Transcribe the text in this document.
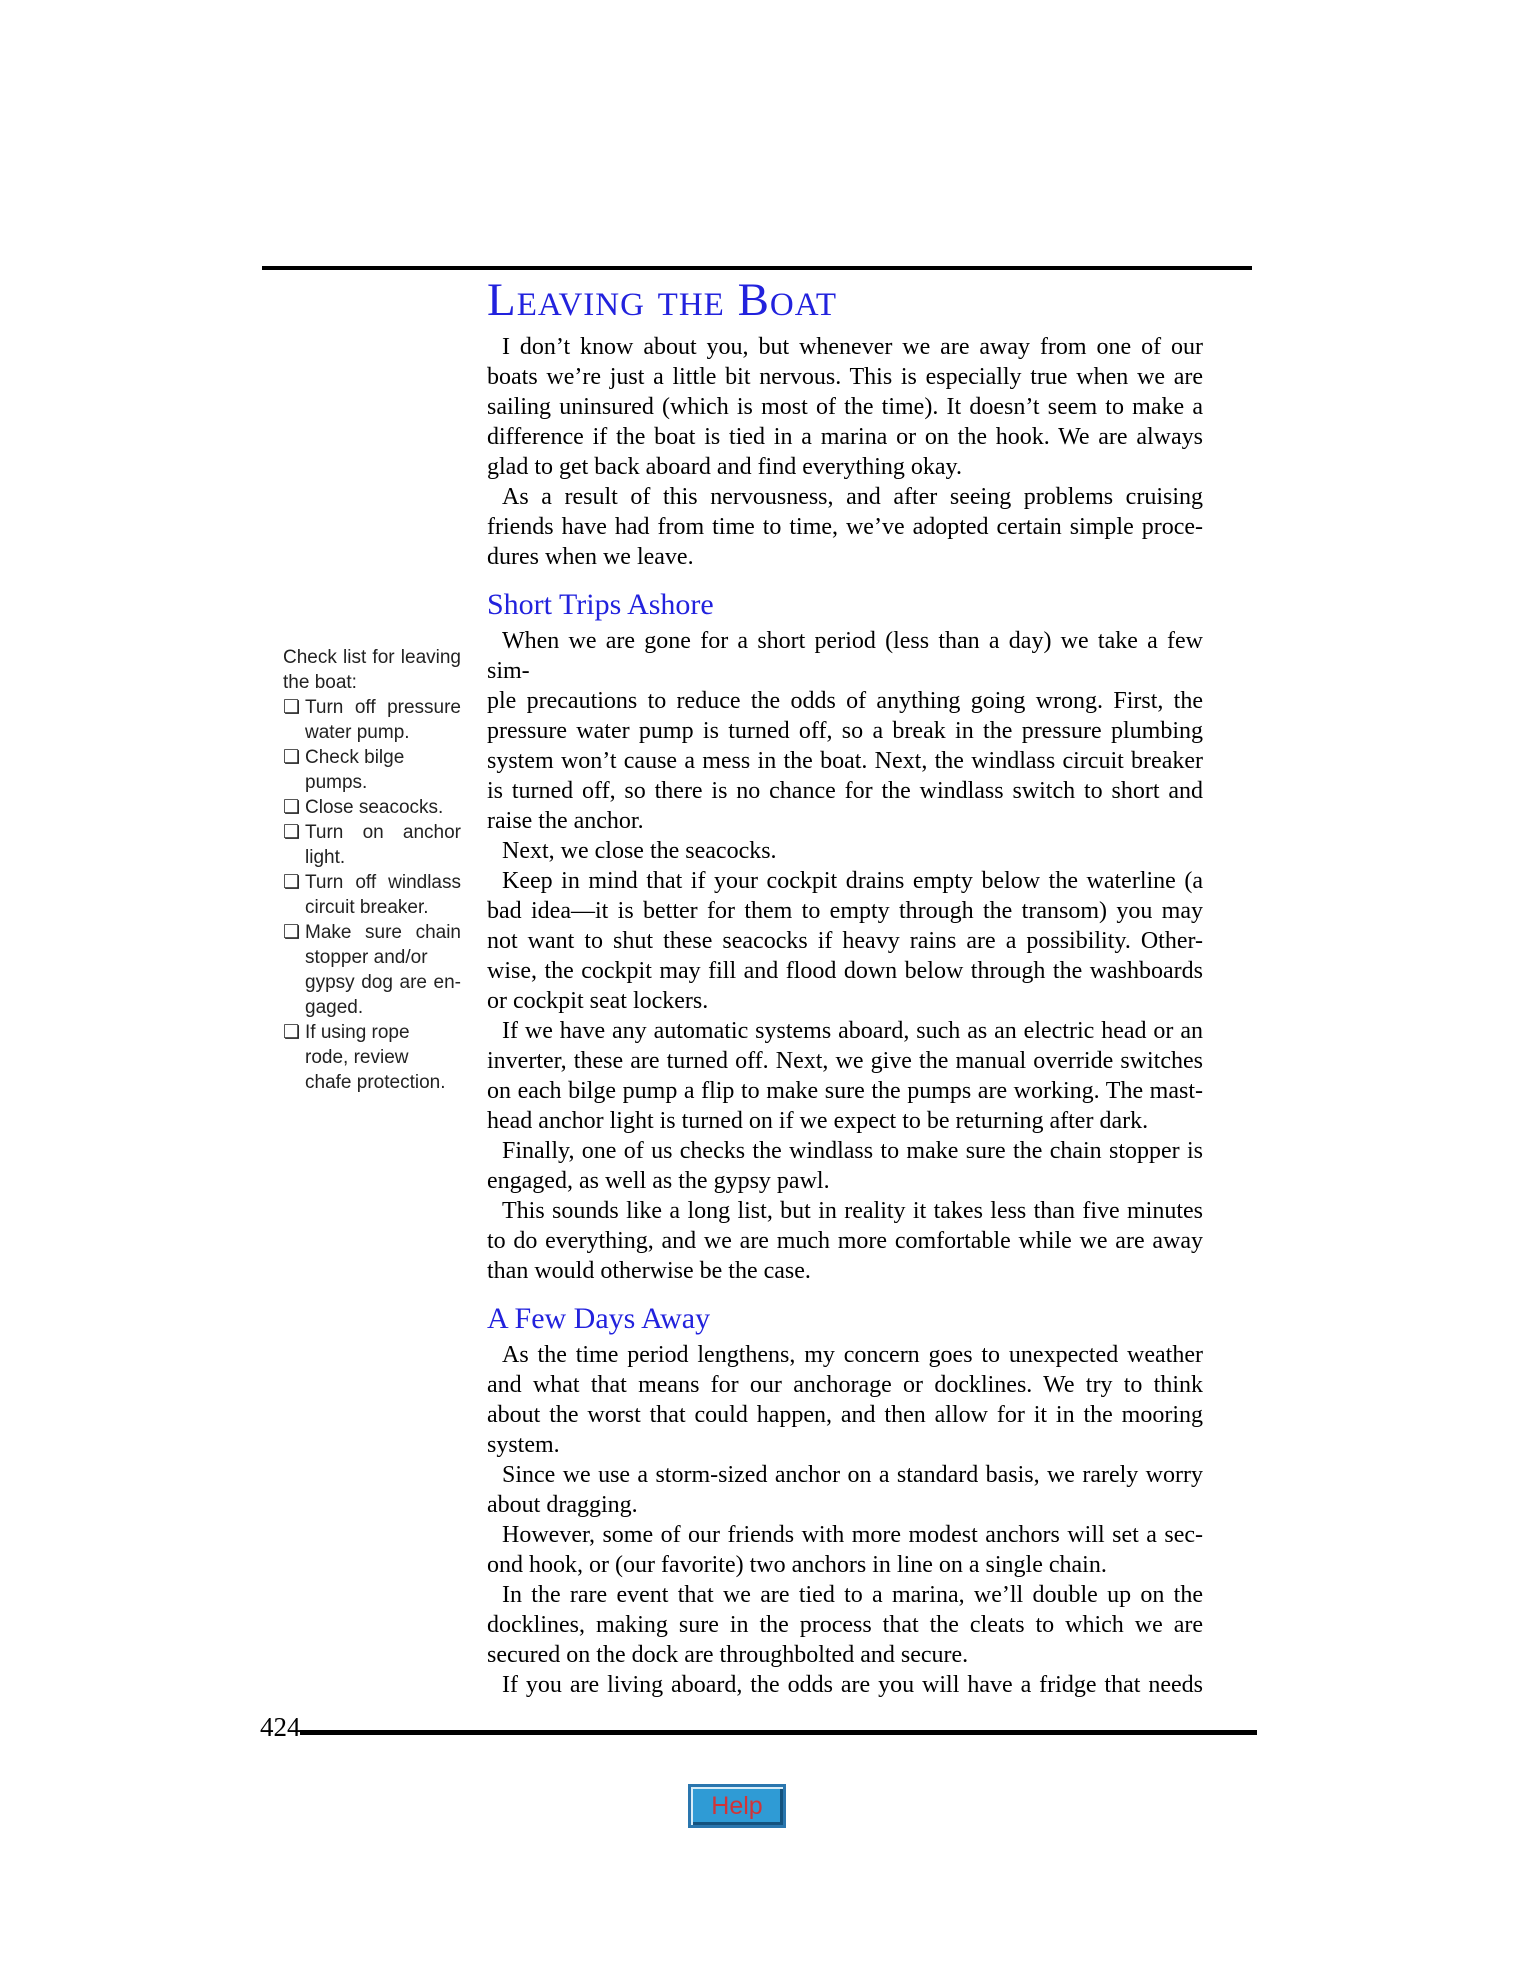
Leaving the Boat
I don’t know about you, but whenever we are away from one of our
boats we’re just a little bit nervous. This is especially true when we are
sailing uninsured (which is most of the time). It doesn’t seem to make a
difference if the boat is tied in a marina or on the hook. We are always
glad to get back aboard and find everything okay.
As a result of this nervousness, and after seeing problems cruising
friends have had from time to time, we’ve adopted certain simple proce-
dures when we leave.
Short Trips Ashore
When we are gone for a short period (less than a day) we take a few sim-
ple precautions to reduce the odds of anything going wrong. First, the
pressure water pump is turned off, so a break in the pressure plumbing
system won’t cause a mess in the boat. Next, the windlass circuit breaker
is turned off, so there is no chance for the windlass switch to short and
raise the anchor.
Next, we close the seacocks.
Keep in mind that if your cockpit drains empty below the waterline (a
bad idea—it is better for them to empty through the transom) you may
not want to shut these seacocks if heavy rains are a possibility. Other-
wise, the cockpit may fill and flood down below through the washboards
or cockpit seat lockers.
If we have any automatic systems aboard, such as an electric head or an
inverter, these are turned off. Next, we give the manual override switches
on each bilge pump a flip to make sure the pumps are working. The mast-
head anchor light is turned on if we expect to be returning after dark.
Finally, one of us checks the windlass to make sure the chain stopper is
engaged, as well as the gypsy pawl.
This sounds like a long list, but in reality it takes less than five minutes
to do everything, and we are much more comfortable while we are away
than would otherwise be the case.
A Few Days Away
As the time period lengthens, my concern goes to unexpected weather
and what that means for our anchorage or docklines. We try to think
about the worst that could happen, and then allow for it in the mooring
system.
Since we use a storm-sized anchor on a standard basis, we rarely worry
about dragging.
However, some of our friends with more modest anchors will set a sec-
ond hook, or (our favorite) two anchors in line on a single chain.
In the rare event that we are tied to a marina, we’ll double up on the
docklines, making sure in the process that the cleats to which we are
secured on the dock are throughbolted and secure.
If you are living aboard, the odds are you will have a fridge that needs
Check list for leaving
the boat:
❏ Turn off pressure
water pump.
❏ Check bilge
pumps.
❏ Close seacocks.
❏ Turn on anchor
light.
❏ Turn off windlass
circuit breaker.
❏ Make sure chain
stopper and/or
gypsy dog are en-
gaged.
❏ If using rope
rode, review
chafe protection.
424
Help
